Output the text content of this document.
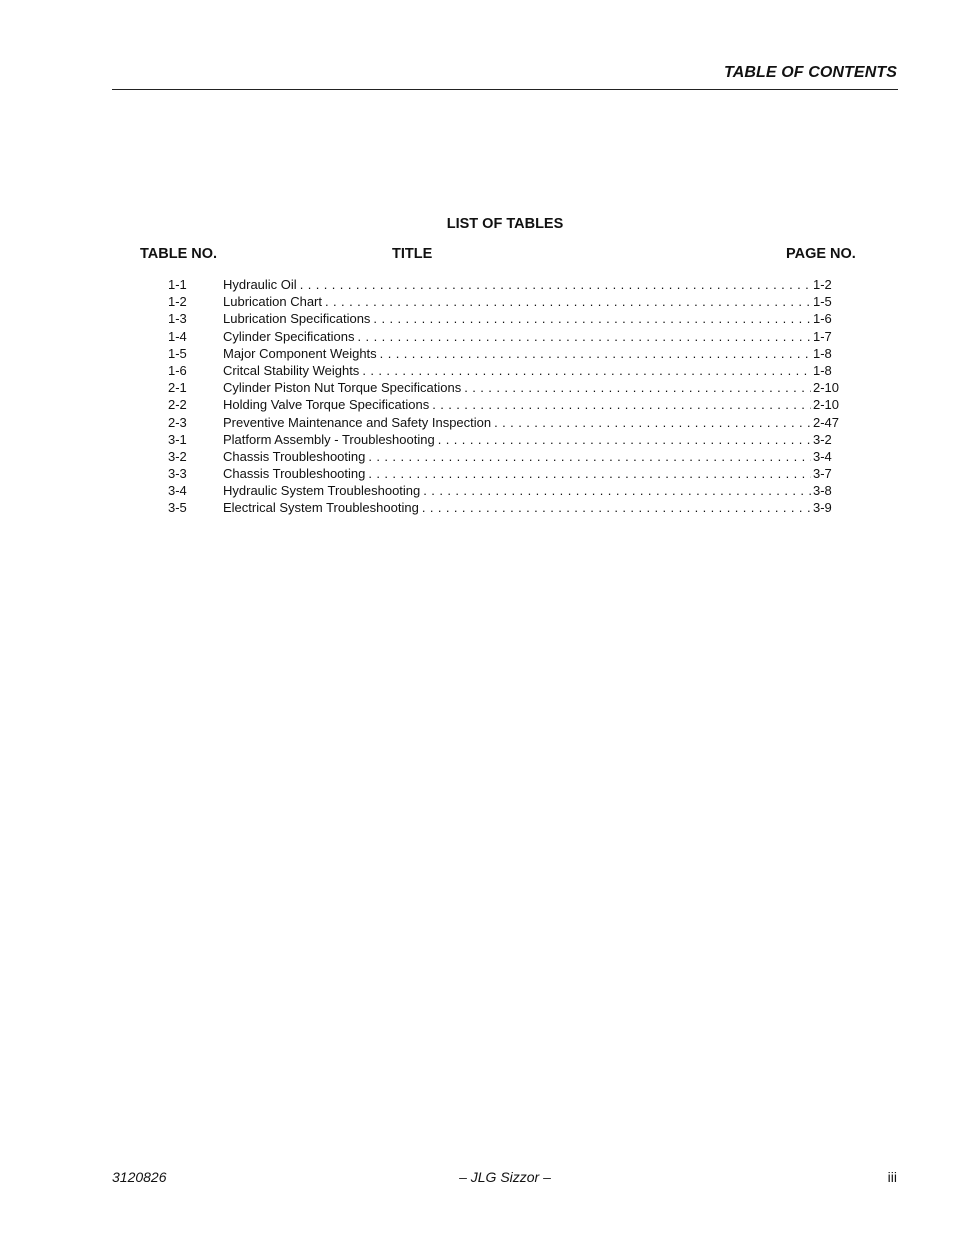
TABLE OF CONTENTS
LIST OF TABLES
TABLE NO.	TITLE	PAGE NO.
1-1	Hydraulic Oil . . .	1-2
1-2	Lubrication Chart . . .	1-5
1-3	Lubrication Specifications . . .	1-6
1-4	Cylinder Specifications . . .	1-7
1-5	Major Component Weights . . .	1-8
1-6	Critcal Stability Weights . . .	1-8
2-1	Cylinder Piston Nut Torque Specifications . . .	2-10
2-2	Holding Valve Torque Specifications . . .	2-10
2-3	Preventive Maintenance and Safety Inspection . . .	2-47
3-1	Platform Assembly - Troubleshooting . . .	3-2
3-2	Chassis Troubleshooting . . .	3-4
3-3	Chassis Troubleshooting . . .	3-7
3-4	Hydraulic System Troubleshooting . . .	3-8
3-5	Electrical System Troubleshooting . . .	3-9
3120826	– JLG Sizzor –	iii
